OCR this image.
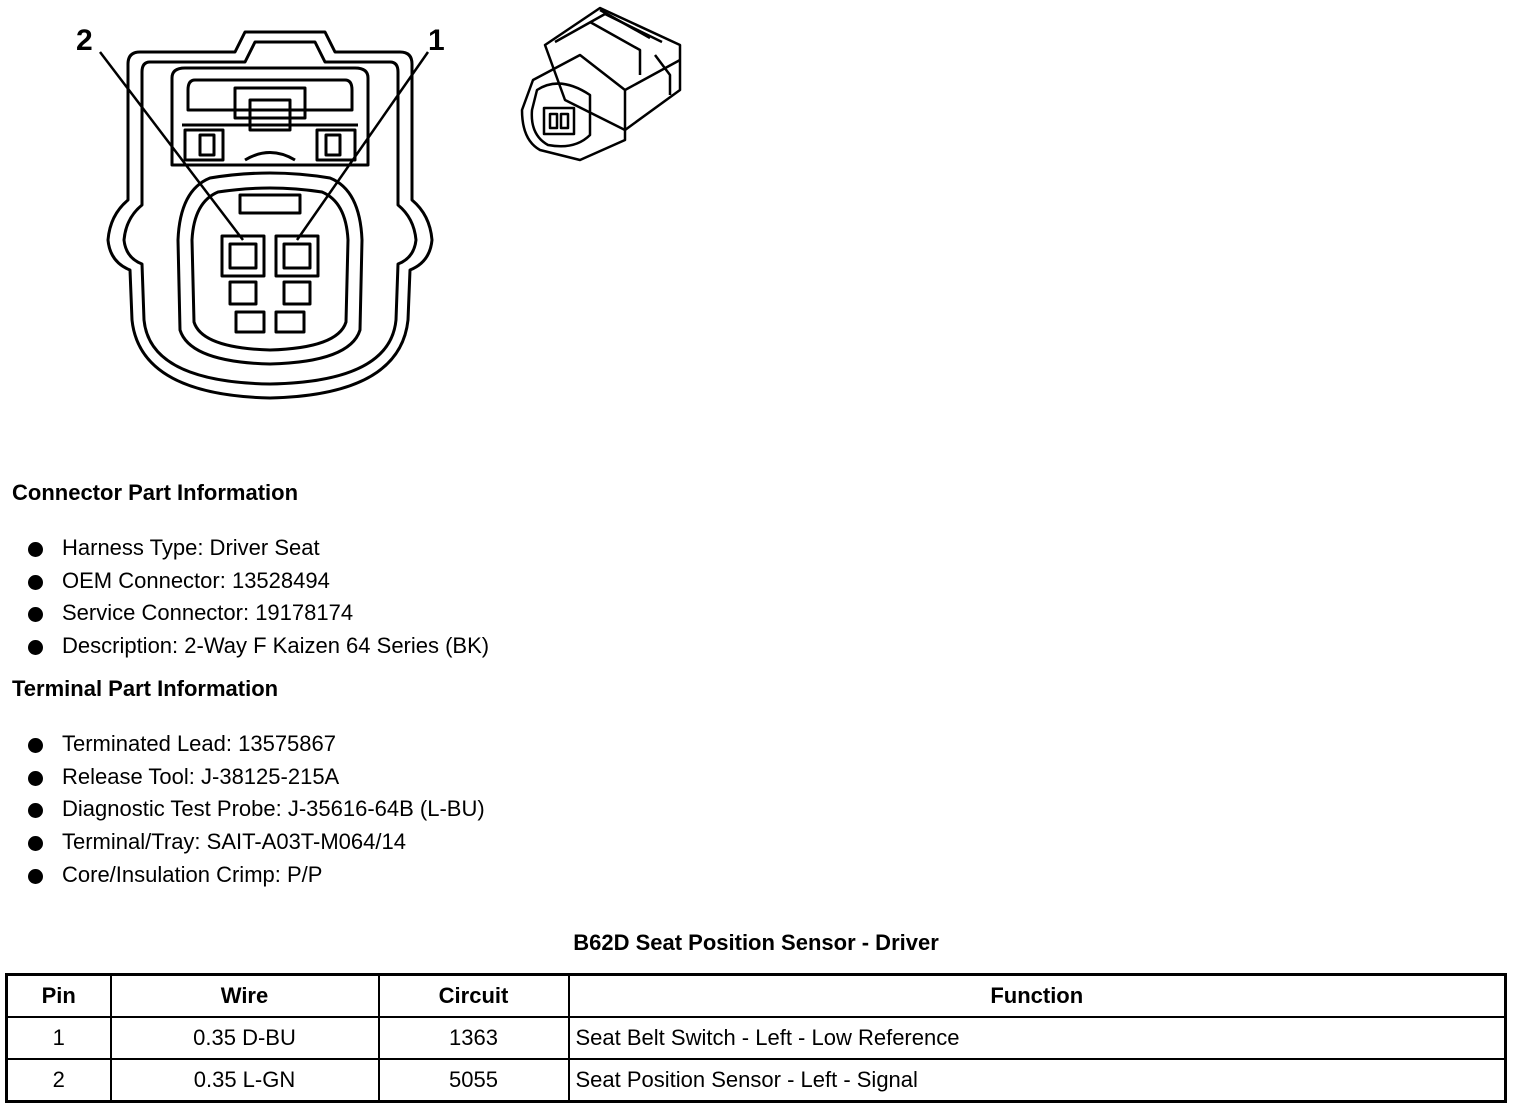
2	1
Connector Part Information
Harness Type: Driver Seat
OEM Connector: 13528494
Service Connector: 19178174
Description: 2-Way F Kaizen 64 Series (BK)
Terminal Part Information
Terminated Lead: 13575867
Release Tool: J-38125-215A
Diagnostic Test Probe: J-35616-64B (L-BU)
Terminal/Tray: SAIT-A03T-M064/14
Core/Insulation Crimp: P/P
B62D Seat Position Sensor - Driver
Pin	Wire	Circuit	Function
1	0.35 D-BU	1363	Seat Belt Switch - Left - Low Reference
2	0.35 L-GN	5055	Seat Position Sensor - Left - Signal
